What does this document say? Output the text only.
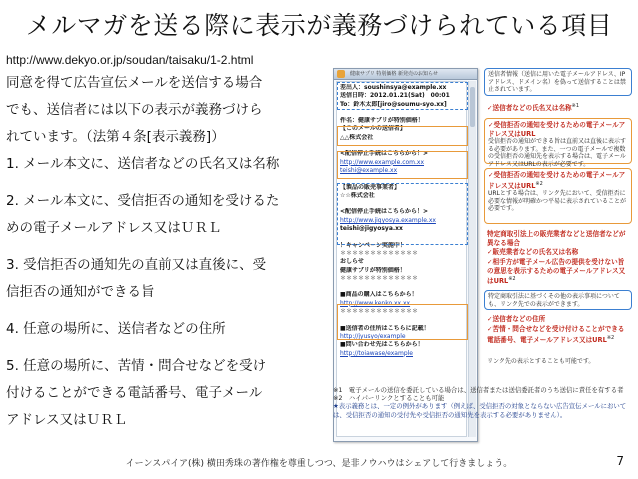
メルマガを送る際に表示が義務づけられている項目
http://www.dekyo.or.jp/soudan/taisaku/1-2.html

同意を得て広告宣伝メールを送信する場合

でも、送信者には以下の表示が義務づけら

れています。（法第４条[表示義務]）

1. メール本文に、送信者などの氏名又は名称

2. メール本文に、受信拒否の通知を受けるた

めの電子メールアドレス又はＵＲＬ

3. 受信拒否の通知先の直前又は直後に、受

信拒否の通知ができる旨

4. 任意の場所に、送信者などの住所

5. 任意の場所に、苦情・問合せなどを受け

付けることができる電話番号、電子メール

アドレス又はＵＲＬ

健康サプリ 特別価格 新発売のお知らせ
差出人：soushinsya@example.xx
送信日時：2012.01.21(Sat)　00:01
To：鈴木太郎[jiro@soumu-syo.xx]

件名：健康サプリが特別価格！
【このメールの送信者】
△△株式会社

<配信停止手続はこちらから！>
http://www.example.com.xx
teishi@example.xx

【製品の販売事業者】
☆☆株式会社

<配信停止手続はこちらから！>
http://www.jigyosya.example.xx
teishi@jigyosya.xx

！キャンペーン実施中！
＊＊＊＊＊＊＊＊＊＊＊＊＊
おしらせ
健康サプリが特別価格！
＊＊＊＊＊＊＊＊＊＊＊＊＊

■商品の購入はこちらから！
http://www.kenko.xx.xx
＊＊＊＊＊＊＊＊＊＊＊＊＊

■送信者の住所はこちらに記載！
http://jyusyo/example
■問い合わせ先はこちらから！
http://toiawase/example
送信者情報（送信に用いた電子メールアドレス、IPアドレス、ドメイン名）を偽って送信することは禁止されています。
✓送信者などの氏名又は名称$^{※1}$
✓受信拒否の通知を受けるための電子メールアドレス又はURL
受信拒否の通知ができる旨は直前又は直後に表示する必要があります。また、一つの電子メールで複数の受信拒否の通知先を表示する場合は、電子メールアドレス又はURLの表示が必要です。
✓受信拒否の通知を受けるための電子メールアドレス又はURL$^{※2}$
URLとする場合は、リンク先において、受信拒否に必要な情報が明確かつ平易に表示されていることが必要です。
特定商取引法上の販売業者などと送信者などが異なる場合
✓販売業者などの氏名又は名称
✓相手方が電子メール広告の提供を受けない旨の意思を表示するための電子メールアドレス又はURL$^{※2}$
特定商取引法に基づくその他の表示事項についても、リンク先での表示ができます。
✓送信者などの住所
✓苦情・問合せなどを受け付けることができる電話番号、電子メールアドレス又はURL$^{※2}$
リンク先の表示とすることも可能です。
※1　電子メールの送信を委託している場合は、送信者または送信委託者のうち送信に責任を有する者
※2　ハイパーリンクとすることも可能
★表示義務とは、一定の例外があります（例えば、受信拒否の対象とならない広告宣伝メールにおいては、受信拒否の通知の受付先や受信拒否の通知先を表示する必要がありません）。
イーンスパイア(株) 横田秀珠の著作権を尊重しつつ、是非ノウハウはシェアして行きましょう。	7
